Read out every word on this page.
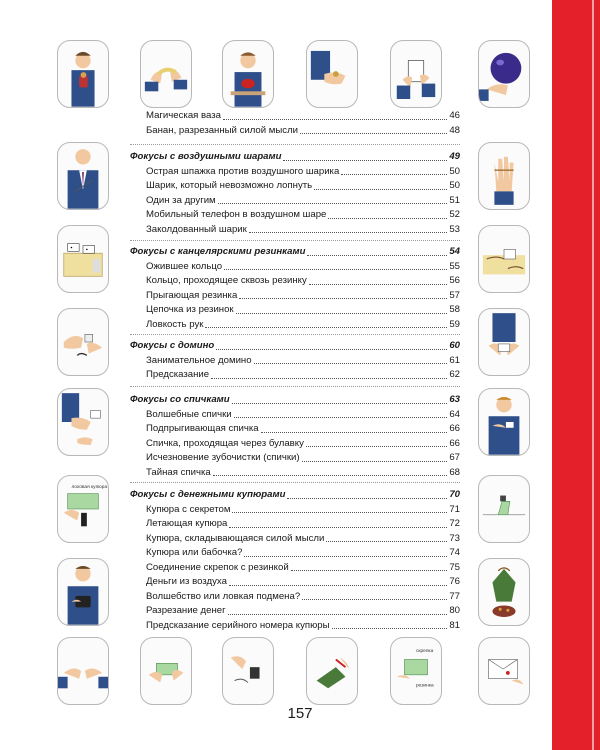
лоховая купюра
скрепка
резинка
Магическая ваза	46
Банан, разрезанный силой мысли	48
Фокусы с воздушными шарами	49
Острая шпажка против воздушного шарика	50
Шарик, который невозможно лопнуть	50
Один за другим	51
Мобильный телефон в воздушном шаре	52
Заколдованный шарик	53
Фокусы с канцелярскими резинками	54
Ожившее кольцо	55
Кольцо, проходящее сквозь резинку	56
Прыгающая резинка	57
Цепочка из резинок	58
Ловкость рук	59
Фокусы с домино	60
Занимательное домино	61
Предсказание	62
Фокусы со спичками	63
Волшебные спички	64
Подпрыгивающая спичка	66
Спичка, проходящая через булавку	66
Исчезновение зубочистки (спички)	67
Тайная спичка	68
Фокусы с денежными купюрами	70
Купюра с секретом	71
Летающая купюра	72
Купюра, складывающаяся силой мысли	73
Купюра или бабочка?	74
Соединение скрепок с резинкой	75
Деньги из воздуха	76
Волшебство или ловкая подмена?	77
Разрезание денег	80
Предсказание серийного номера купюры	81
157
